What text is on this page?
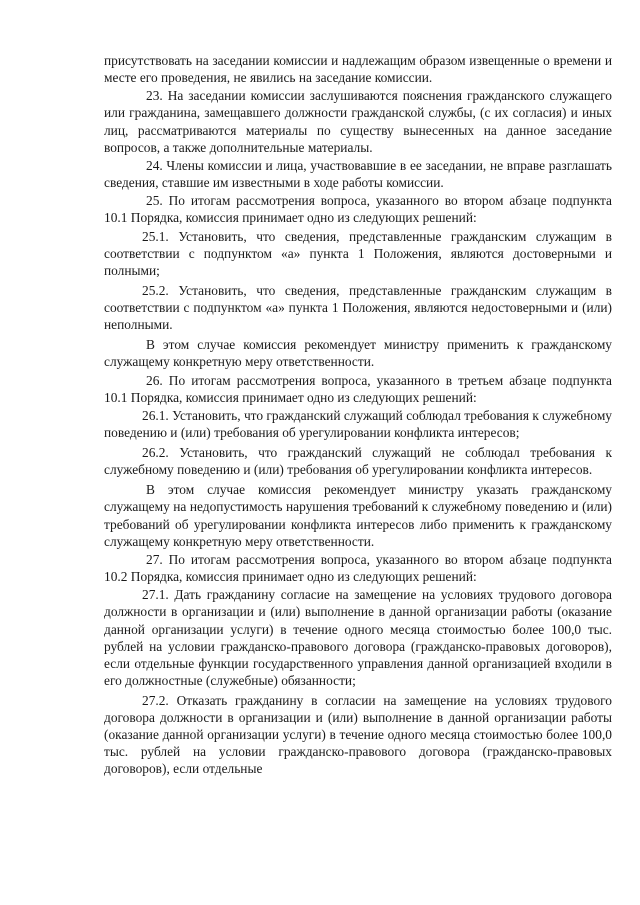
присутствовать на заседании комиссии и надлежащим образом извещенные о времени и месте его проведения, не явились на заседание комиссии.

23. На заседании комиссии заслушиваются пояснения гражданского служащего или гражданина, замещавшего должности гражданской службы, (с их согласия) и иных лиц, рассматриваются материалы по существу вынесенных на данное заседание вопросов, а также дополнительные материалы.

24. Члены комиссии и лица, участвовавшие в ее заседании, не вправе разглашать сведения, ставшие им известными в ходе работы комиссии.

25. По итогам рассмотрения вопроса, указанного во втором абзаце подпункта 10.1 Порядка, комиссия принимает одно из следующих решений:

25.1. Установить, что сведения, представленные гражданским служащим в соответствии с подпунктом «а» пункта 1 Положения, являются достоверными и полными;

25.2. Установить, что сведения, представленные гражданским служащим в соответствии с подпунктом «а» пункта 1 Положения, являются недостоверными и (или) неполными.

В этом случае комиссия рекомендует министру применить к гражданскому служащему конкретную меру ответственности.

26. По итогам рассмотрения вопроса, указанного в третьем абзаце подпункта 10.1 Порядка, комиссия принимает одно из следующих решений:

26.1. Установить, что гражданский служащий соблюдал требования к служебному поведению и (или) требования об урегулировании конфликта интересов;

26.2. Установить, что гражданский служащий не соблюдал требования к служебному поведению и (или) требования об урегулировании конфликта интересов.

В этом случае комиссия рекомендует министру указать гражданскому служащему на недопустимость нарушения требований к служебному поведению и (или) требований об урегулировании конфликта интересов либо применить к гражданскому служащему конкретную меру ответственности.

27. По итогам рассмотрения вопроса, указанного во втором абзаце подпункта 10.2 Порядка, комиссия принимает одно из следующих решений:

27.1. Дать гражданину согласие на замещение на условиях трудового договора должности в организации и (или) выполнение в данной организации работы (оказание данной организации услуги) в течение одного месяца стоимостью более 100,0 тыс. рублей на условии гражданско-правового договора (гражданско-правовых договоров), если отдельные функции государственного управления данной организацией входили в его должностные (служебные) обязанности;

27.2. Отказать гражданину в согласии на замещение на условиях трудового договора должности в организации и (или) выполнение в данной организации работы (оказание данной организации услуги) в течение одного месяца стоимостью более 100,0 тыс. рублей на условии гражданско-правового договора (гражданско-правовых договоров), если отдельные
